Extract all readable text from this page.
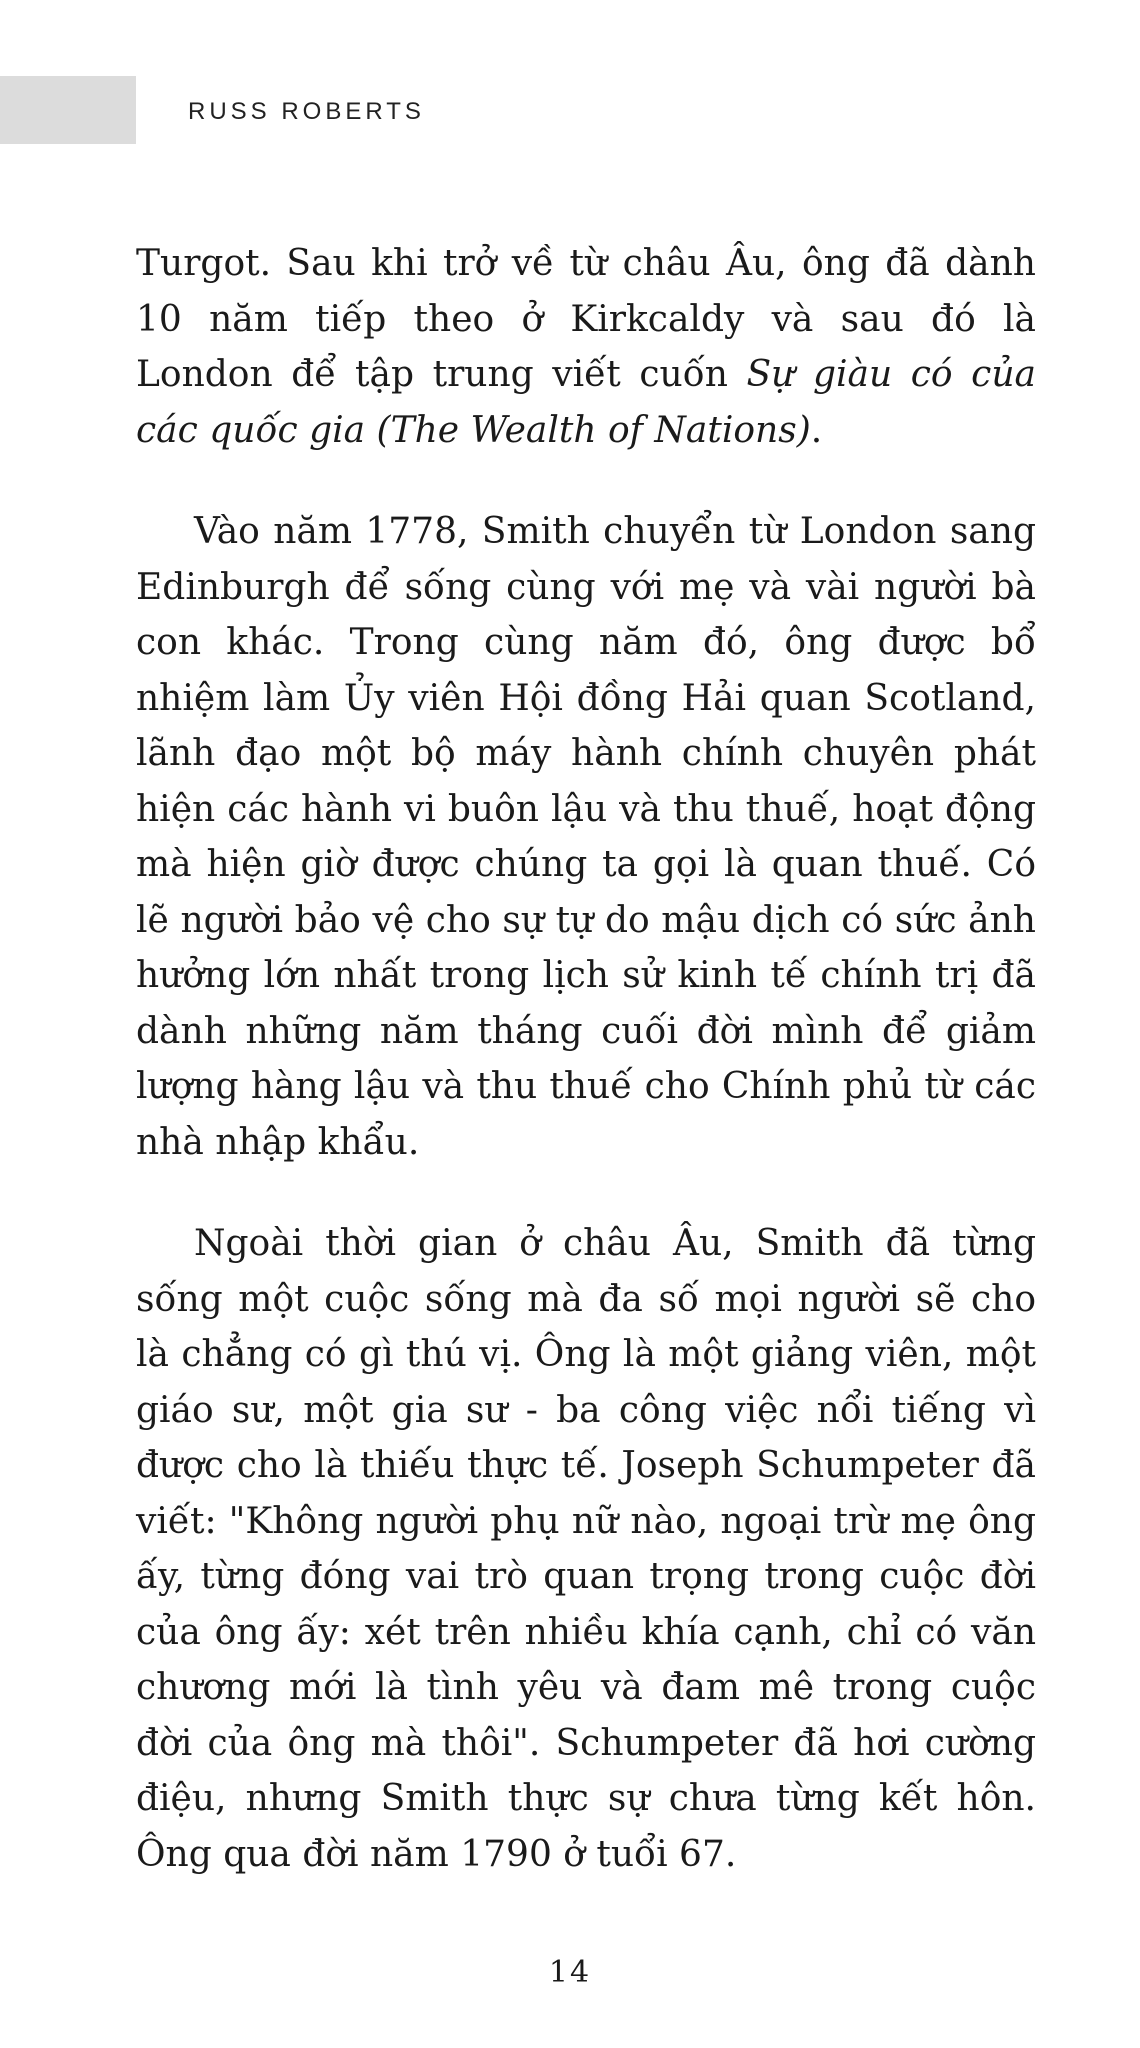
RUSS ROBERTS

Turgot. Sau khi trở về từ châu Âu, ông đã dành 10 năm tiếp theo ở Kirkcaldy và sau đó là London để tập trung viết cuốn Sự giàu có của các quốc gia (The Wealth of Nations).

Vào năm 1778, Smith chuyển từ London sang Edinburgh để sống cùng với mẹ và vài người bà con khác. Trong cùng năm đó, ông được bổ nhiệm làm Ủy viên Hội đồng Hải quan Scotland, lãnh đạo một bộ máy hành chính chuyên phát hiện các hành vi buôn lậu và thu thuế, hoạt động mà hiện giờ được chúng ta gọi là quan thuế. Có lẽ người bảo vệ cho sự tự do mậu dịch có sức ảnh hưởng lớn nhất trong lịch sử kinh tế chính trị đã dành những năm tháng cuối đời mình để giảm lượng hàng lậu và thu thuế cho Chính phủ từ các nhà nhập khẩu.

Ngoài thời gian ở châu Âu, Smith đã từng sống một cuộc sống mà đa số mọi người sẽ cho là chẳng có gì thú vị. Ông là một giảng viên, một giáo sư, một gia sư - ba công việc nổi tiếng vì được cho là thiếu thực tế. Joseph Schumpeter đã viết: "Không người phụ nữ nào, ngoại trừ mẹ ông ấy, từng đóng vai trò quan trọng trong cuộc đời của ông ấy: xét trên nhiều khía cạnh, chỉ có văn chương mới là tình yêu và đam mê trong cuộc đời của ông mà thôi". Schumpeter đã hơi cường điệu, nhưng Smith thực sự chưa từng kết hôn. Ông qua đời năm 1790 ở tuổi 67.

14
